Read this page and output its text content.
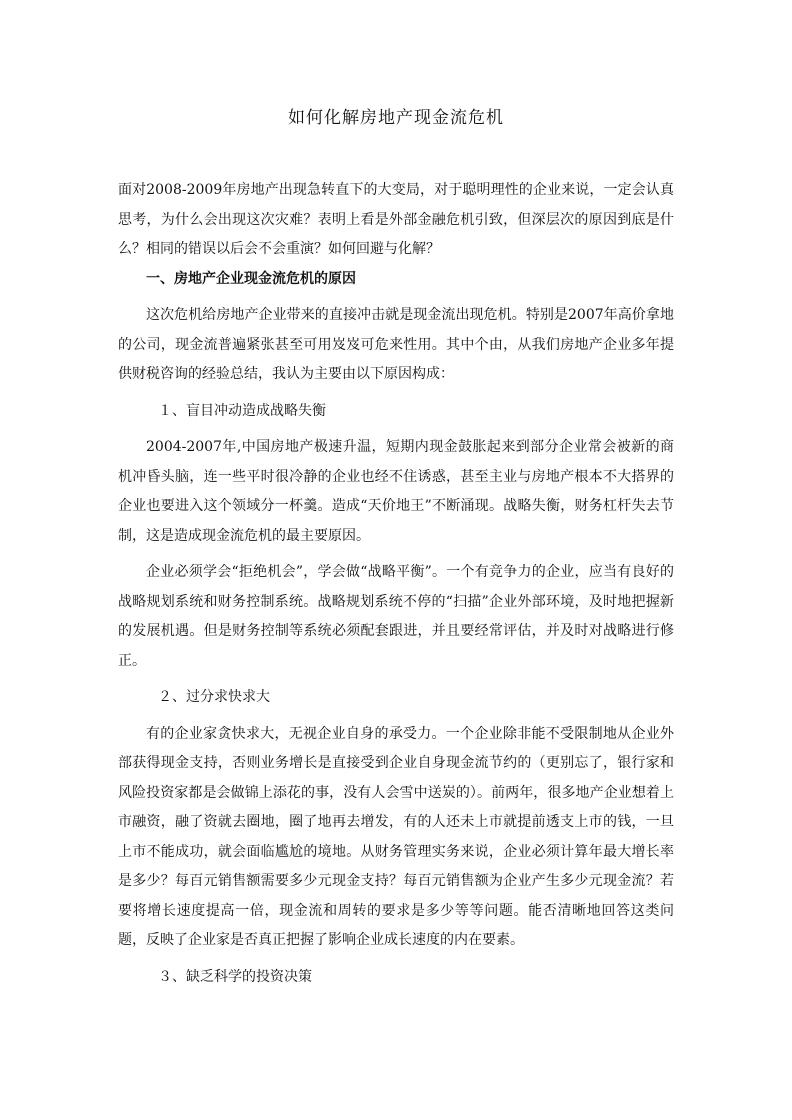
如何化解房地产现金流危机

面对2008-2009年房地产出现急转直下的大变局，对于聪明理性的企业来说，一定会认真思考，为什么会出现这次灾难？表明上看是外部金融危机引致，但深层次的原因到底是什么？相同的错误以后会不会重演？如何回避与化解？

一、房地产企业现金流危机的原因

这次危机给房地产企业带来的直接冲击就是现金流出现危机。特别是2007年高价拿地的公司，现金流普遍紧张甚至可用岌岌可危来性用。其中个由，从我们房地产企业多年提供财税咨询的经验总结，我认为主要由以下原因构成：

１、盲目冲动造成战略失衡

2004-2007年,中国房地产极速升温，短期内现金鼓胀起来到部分企业常会被新的商机冲昏头脑，连一些平时很冷静的企业也经不住诱惑，甚至主业与房地产根本不大搭界的企业也要进入这个领域分一杯羹。造成“天价地王”不断涌现。战略失衡，财务杠杆失去节制，这是造成现金流危机的最主要原因。

企业必须学会“拒绝机会”，学会做“战略平衡”。一个有竞争力的企业，应当有良好的战略规划系统和财务控制系统。战略规划系统不停的“扫描”企业外部环境，及时地把握新的发展机遇。但是财务控制等系统必须配套跟进，并且要经常评估，并及时对战略进行修正。

２、过分求快求大

有的企业家贪快求大，无视企业自身的承受力。一个企业除非能不受限制地从企业外部获得现金支持，否则业务增长是直接受到企业自身现金流节约的（更别忘了，银行家和风险投资家都是会做锦上添花的事，没有人会雪中送炭的）。前两年，很多地产企业想着上市融资，融了资就去圈地，圈了地再去增发，有的人还未上市就提前透支上市的钱，一旦上市不能成功，就会面临尴尬的境地。从财务管理实务来说，企业必须计算年最大增长率是多少？每百元销售额需要多少元现金支持？每百元销售额为企业产生多少元现金流？若要将增长速度提高一倍，现金流和周转的要求是多少等等问题。能否清晰地回答这类问题，反映了企业家是否真正把握了影响企业成长速度的内在要素。

３、缺乏科学的投资决策
